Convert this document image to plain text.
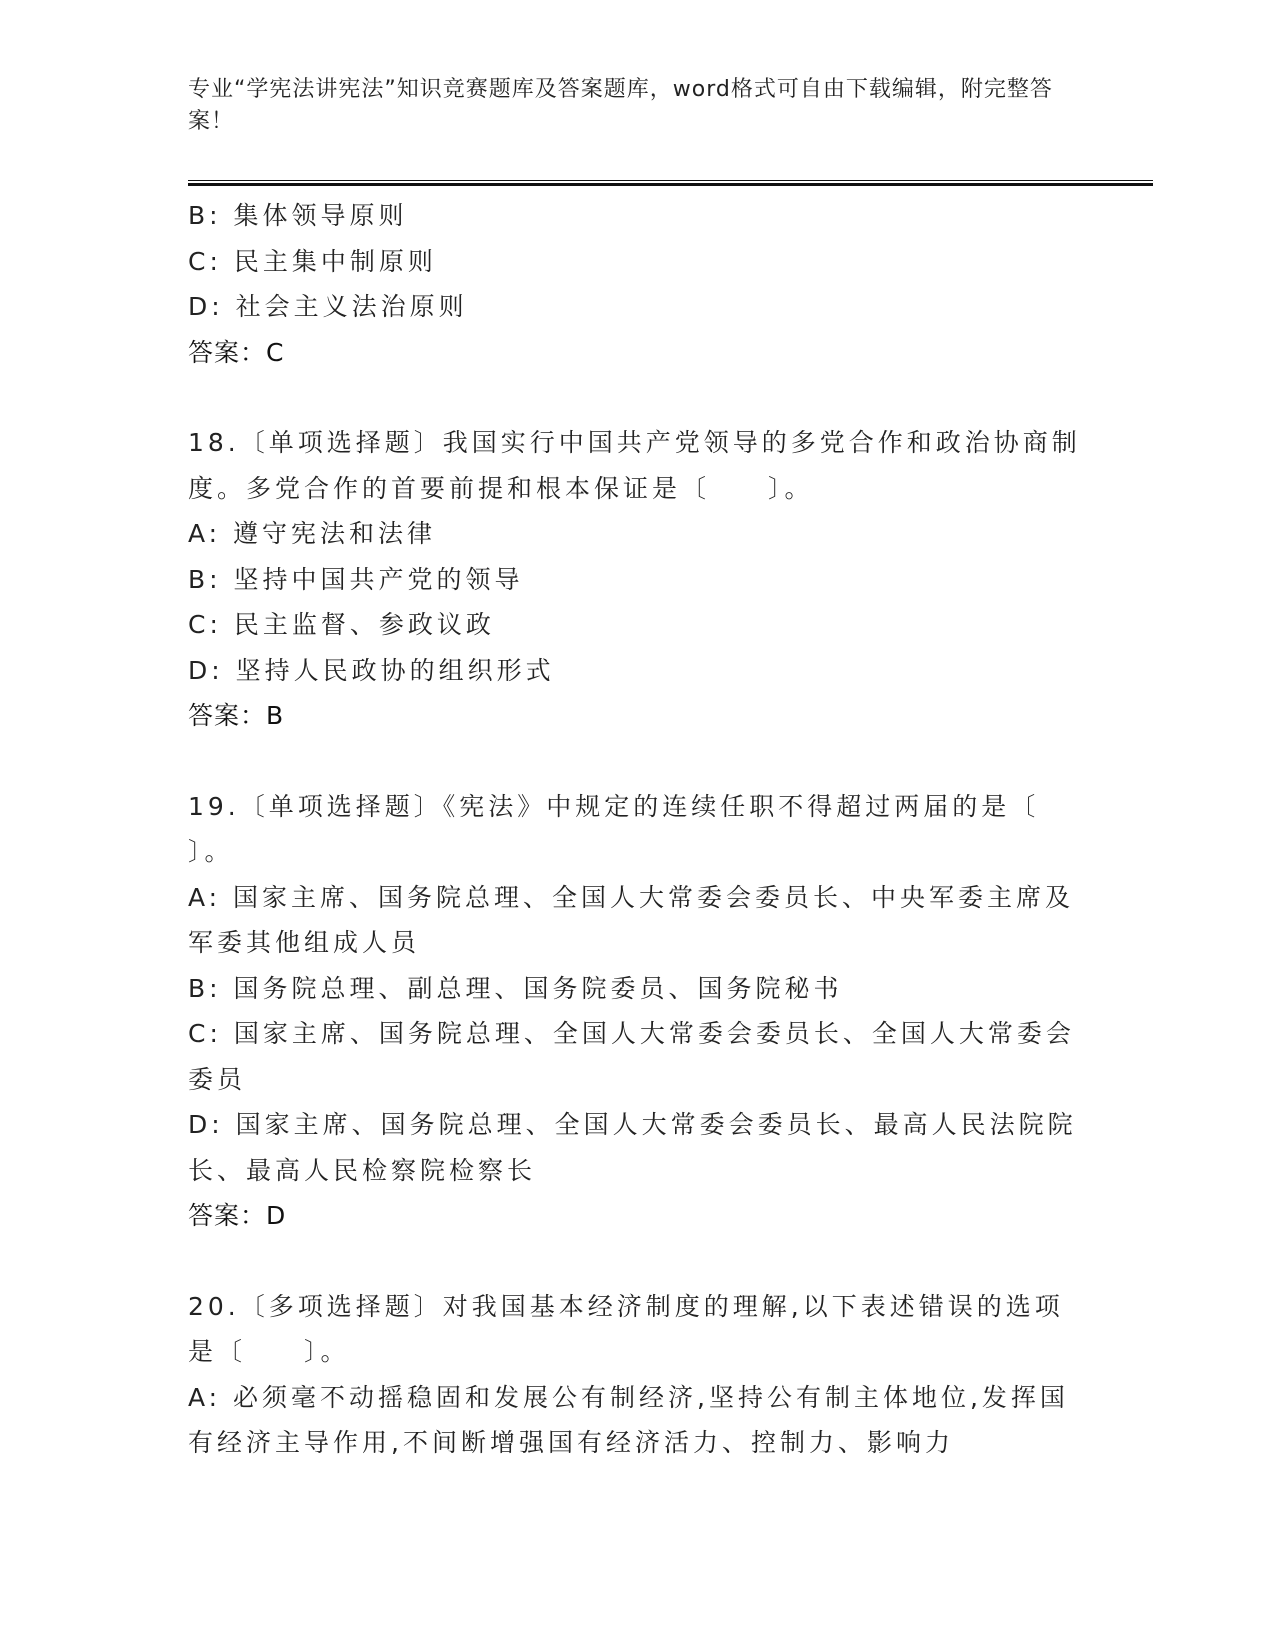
专业“学宪法讲宪法”知识竞赛题库及答案题库，word格式可自由下载编辑，附完整答案！
B: 集体领导原则
C: 民主集中制原则
D: 社会主义法治原则
答案：C
18.〔单项选择题〕我国实行中国共产党领导的多党合作和政治协商制
度。多党合作的首要前提和根本保证是〔　　〕。
A: 遵守宪法和法律
B: 坚持中国共产党的领导
C: 民主监督、参政议政
D: 坚持人民政协的组织形式
答案：B
19.〔单项选择题〕《宪法》中规定的连续任职不得超过两届的是〔
〕。
A: 国家主席、国务院总理、全国人大常委会委员长、中央军委主席及
军委其他组成人员
B: 国务院总理、副总理、国务院委员、国务院秘书
C: 国家主席、国务院总理、全国人大常委会委员长、全国人大常委会
委员
D: 国家主席、国务院总理、全国人大常委会委员长、最高人民法院院
长、最高人民检察院检察长
答案：D
20.〔多项选择题〕对我国基本经济制度的理解,以下表述错误的选项
是〔　　〕。
A: 必须毫不动摇稳固和发展公有制经济,坚持公有制主体地位,发挥国
有经济主导作用,不间断增强国有经济活力、控制力、影响力
